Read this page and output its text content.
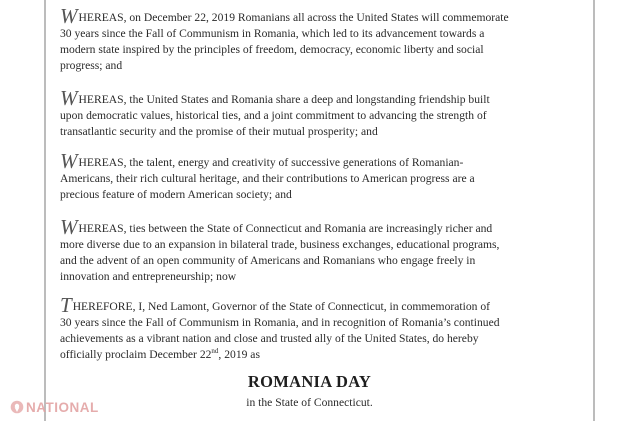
WHEREAS, on December 22, 2019 Romanians all across the United States will commemorate
30 years since the Fall of Communism in Romania, which led to its advancement towards a
modern state inspired by the principles of freedom, democracy, economic liberty and social
progress; and
WHEREAS, the United States and Romania share a deep and longstanding friendship built
upon democratic values, historical ties, and a joint commitment to advancing the strength of
transatlantic security and the promise of their mutual prosperity; and
WHEREAS, the talent, energy and creativity of successive generations of Romanian-
Americans, their rich cultural heritage, and their contributions to American progress are a
precious feature of modern American society; and
WHEREAS, ties between the State of Connecticut and Romania are increasingly richer and
more diverse due to an expansion in bilateral trade, business exchanges, educational programs,
and the advent of an open community of Americans and Romanians who engage freely in
innovation and entrepreneurship; now
THEREFORE, I, Ned Lamont, Governor of the State of Connecticut, in commemoration of
30 years since the Fall of Communism in Romania, and in recognition of Romania’s continued
achievements as a vibrant nation and close and trusted ally of the United States, do hereby
officially proclaim December 22nd, 2019 as
ROMANIA DAY
in the State of Connecticut.
NATIONAL
